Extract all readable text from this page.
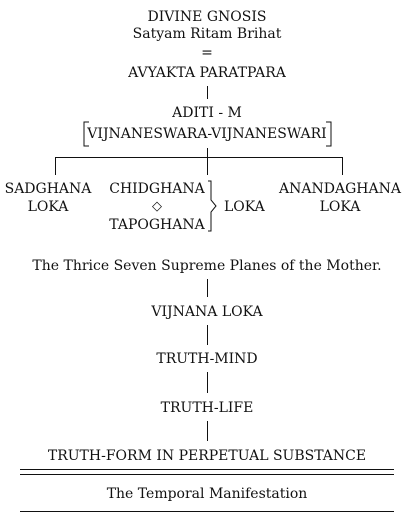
DIVINE GNOSIS
Satyam Ritam Brihat
=
AVYAKTA PARATPARA
ADITI - M
VIJNANESWARA-VIJNANESWARI
SADGHANA
LOKA
CHIDGHANA
◇
TAPOGHANA
LOKA
ANANDAGHANA
LOKA
The Thrice Seven Supreme Planes of the Mother.
VIJNANA LOKA
TRUTH-MIND
TRUTH-LIFE
TRUTH-FORM IN PERPETUAL SUBSTANCE
The Temporal Manifestation
